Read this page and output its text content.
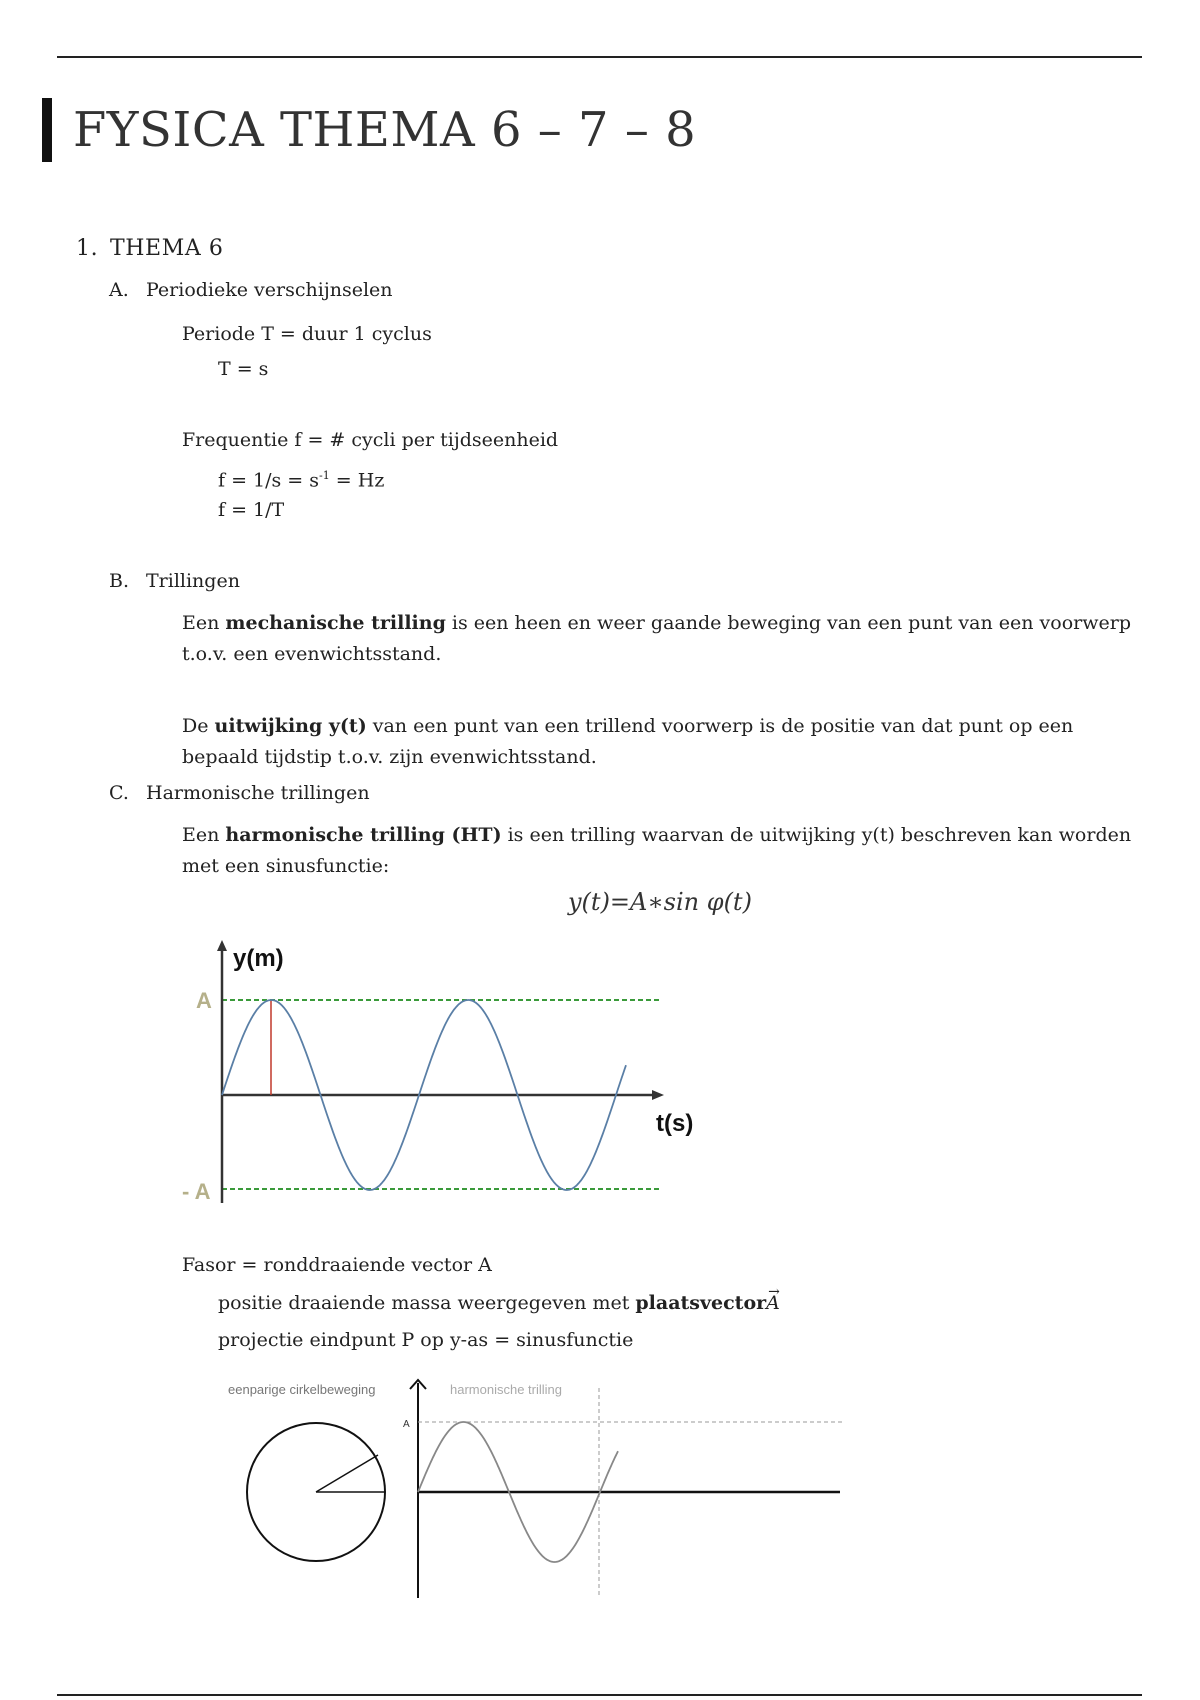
FYSICA THEMA 6 – 7 – 8
1. THEMA 6
A. Periodieke verschijnselen
Periode T = duur 1 cyclus
T = s
Frequentie f = # cycli per tijdseenheid
$f = 1/s = s^{-1} = Hz$
f = 1/T
B. Trillingen
Een mechanische trilling is een heen en weer gaande beweging van een punt van een voorwerp t.o.v. een evenwichtsstand.
De uitwijking y(t) van een punt van een trillend voorwerp is de positie van dat punt op een bepaald tijdstip t.o.v. zijn evenwichtsstand.
C. Harmonische trillingen
Een harmonische trilling (HT) is een trilling waarvan de uitwijking y(t) beschreven kan worden met een sinusfunctie:
y(t)=A∗sin φ(t)
y(m)
t(s)
A
- A
Fasor = ronddraaiende vector A
positie draaiende massa weergegeven met plaatsvector→ A
projectie eindpunt P op y-as = sinusfunctie
eenparige cirkelbeweging	harmonische trilling
A
